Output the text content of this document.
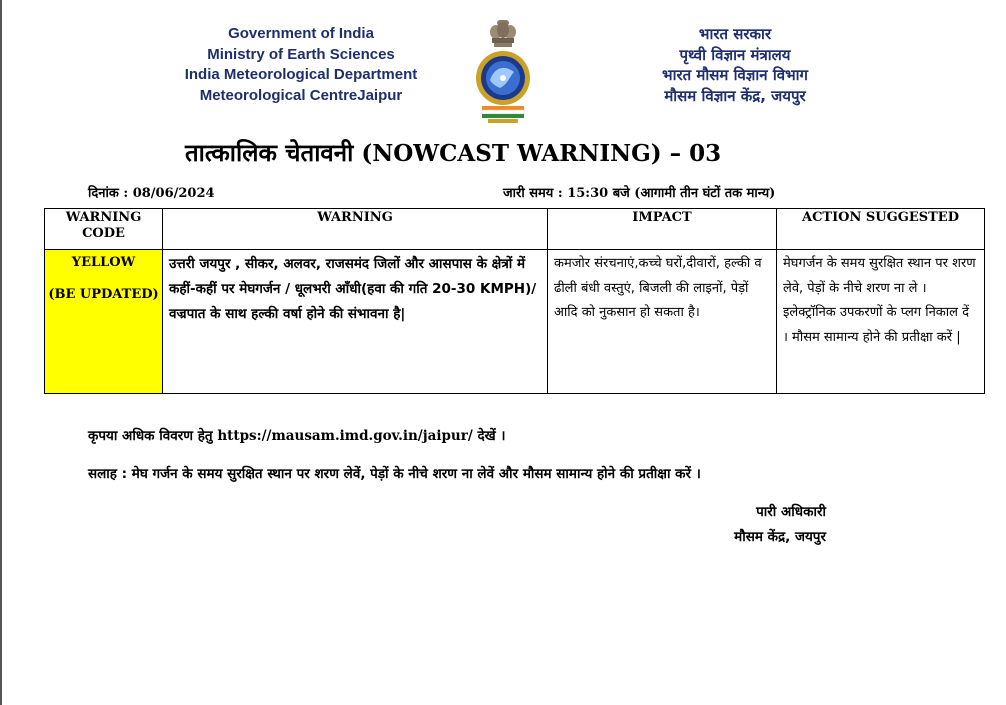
Government of India
Ministry of Earth Sciences
India Meteorological Department
Meteorological CentreJaipur
भारत सरकार
पृथ्वी विज्ञान मंत्रालय
भारत मौसम विज्ञान विभाग
मौसम विज्ञान केंद्र, जयपुर
तात्कालिक चेतावनी (NOWCAST WARNING) – 03
दिनांक : 08/06/2024	जारी समय : 15:30 बजे (आगामी तीन घंटों तक मान्य)
WARNING
CODE	WARNING	IMPACT	ACTION SUGGESTED

YELLOW
(BE UPDATED)	उत्तरी जयपुर , सीकर, अलवर, राजसमंद जिलों और आसपास के क्षेत्रों में कहीं-कहीं पर मेघगर्जन / धूलभरी आँधी(हवा की गति 20-30 KMPH)/वज्रपात के साथ हल्की वर्षा होने की संभावना है|	कमजोर संरचनाएं,कच्चे घरों,दीवारों, हल्की व ढीली बंधी वस्तुएं, बिजली की लाइनों, पेड़ों आदि को नुकसान हो सकता है।	मेघगर्जन के समय सुरक्षित स्थान पर शरण लेवे, पेड़ों के नीचे शरण ना ले । इलेक्ट्रॉनिक उपकरणों के प्लग निकाल दें । मौसम सामान्य होने की प्रतीक्षा करें |
कृपया अधिक विवरण हेतु https://mausam.imd.gov.in/jaipur/ देखें ।
सलाह : मेघ गर्जन के समय सुरक्षित स्थान पर शरण लेवें, पेड़ों के नीचे शरण ना लेवें और मौसम सामान्य होने की प्रतीक्षा करें ।
पारी अधिकारी
मौसम केंद्र, जयपुर
